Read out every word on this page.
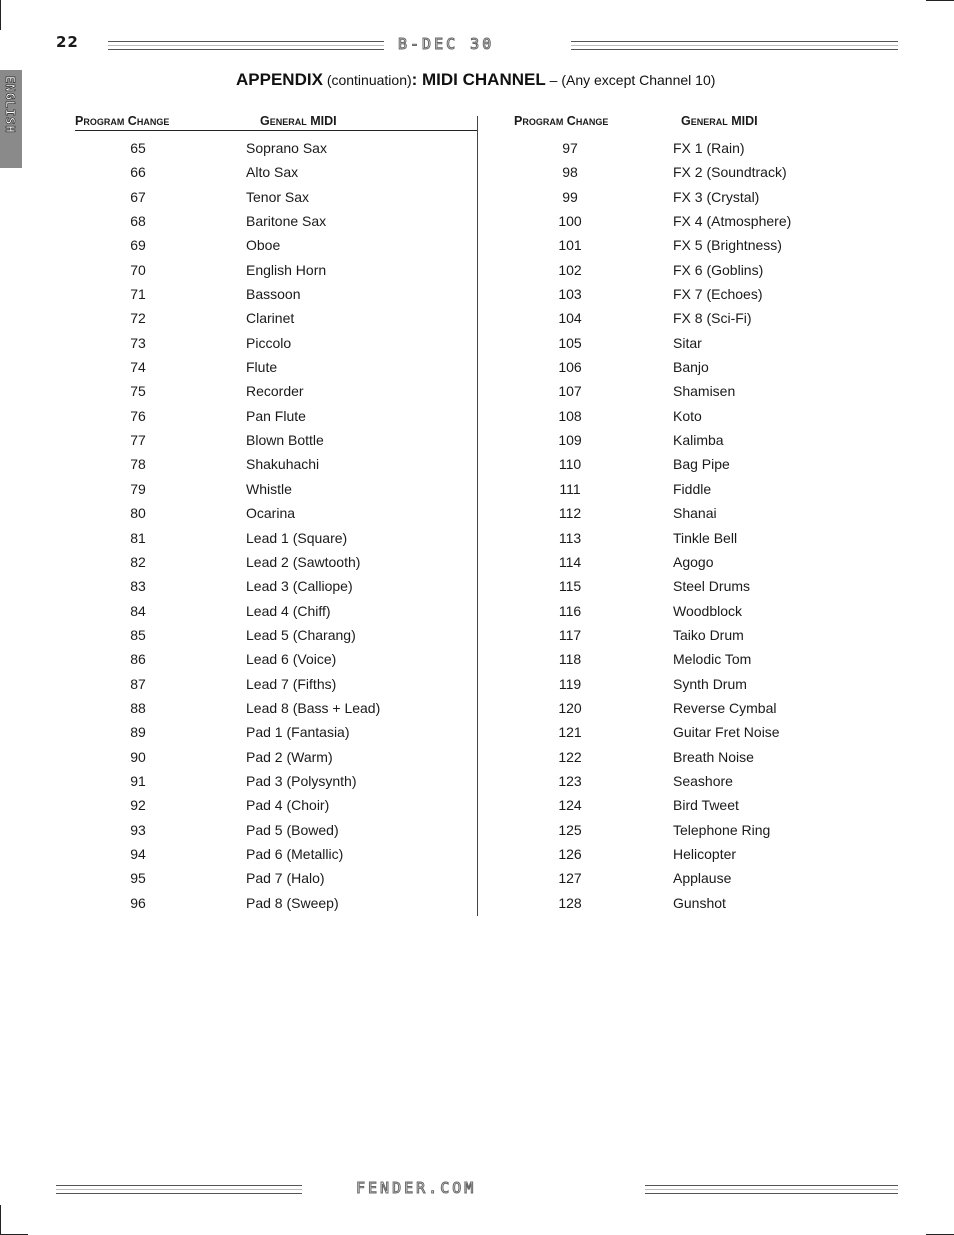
22	B-DEC 30
ENGLISH	APPENDIX (continuation): MIDI CHANNEL – (Any except Channel 10)
Program Change	General MIDI	Program Change	General MIDI
65	Soprano Sax
66	Alto Sax
67	Tenor Sax
68	Baritone Sax
69	Oboe
70	English Horn
71	Bassoon
72	Clarinet
73	Piccolo
74	Flute
75	Recorder
76	Pan Flute
77	Blown Bottle
78	Shakuhachi
79	Whistle
80	Ocarina
81	Lead 1 (Square)
82	Lead 2 (Sawtooth)
83	Lead 3 (Calliope)
84	Lead 4 (Chiff)
85	Lead 5 (Charang)
86	Lead 6 (Voice)
87	Lead 7 (Fifths)
88	Lead 8 (Bass + Lead)
89	Pad 1 (Fantasia)
90	Pad 2 (Warm)
91	Pad 3 (Polysynth)
92	Pad 4 (Choir)
93	Pad 5 (Bowed)
94	Pad 6 (Metallic)
95	Pad 7 (Halo)
96	Pad 8 (Sweep)
97	FX 1 (Rain)
98	FX 2 (Soundtrack)
99	FX 3 (Crystal)
100	FX 4 (Atmosphere)
101	FX 5 (Brightness)
102	FX 6 (Goblins)
103	FX 7 (Echoes)
104	FX 8 (Sci-Fi)
105	Sitar
106	Banjo
107	Shamisen
108	Koto
109	Kalimba
110	Bag Pipe
111	Fiddle
112	Shanai
113	Tinkle Bell
114	Agogo
115	Steel Drums
116	Woodblock
117	Taiko Drum
118	Melodic Tom
119	Synth Drum
120	Reverse Cymbal
121	Guitar Fret Noise
122	Breath Noise
123	Seashore
124	Bird Tweet
125	Telephone Ring
126	Helicopter
127	Applause
128	Gunshot
FENDER.COM
